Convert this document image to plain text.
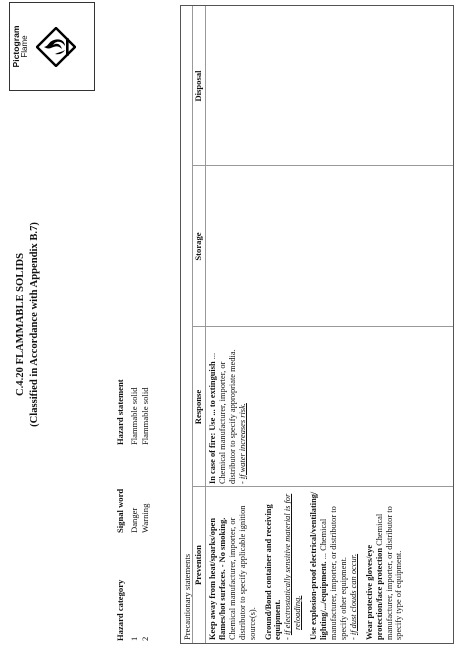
C.4.20 FLAMMABLE SOLIDS (Classified in Accordance with Appendix B.7)
Pictogram Flame
Hazard category
Signal word
Hazard statement
1
Danger
Flammable solid
2
Warning
Flammable solid
Precautionary statements Prevention Keep away from heat/sparks/open flames/hot surfaces. - No smoking. Chemical manufacturer, importer, or distributor to specify applicable ignition source(s). Ground/Bond container and receiving equipment. - if electrostatically sensitive material is for reloading. Use explosion-proof electrical/ventilating/ lighting/.../equipment. ... Chemical manufacturer, importer, or distributor to specify other equipment. - if dust clouds can occur. Wear protective gloves/eye protection/face protection Chemical manufacturer, importer, or distributor to specify type of equipment.

Response In case of fire: Use ... to extinguish ... Chemical manufacturer, importer, or distributor to specify appropriate media. - if water increases risk.

Storage
Disposal
